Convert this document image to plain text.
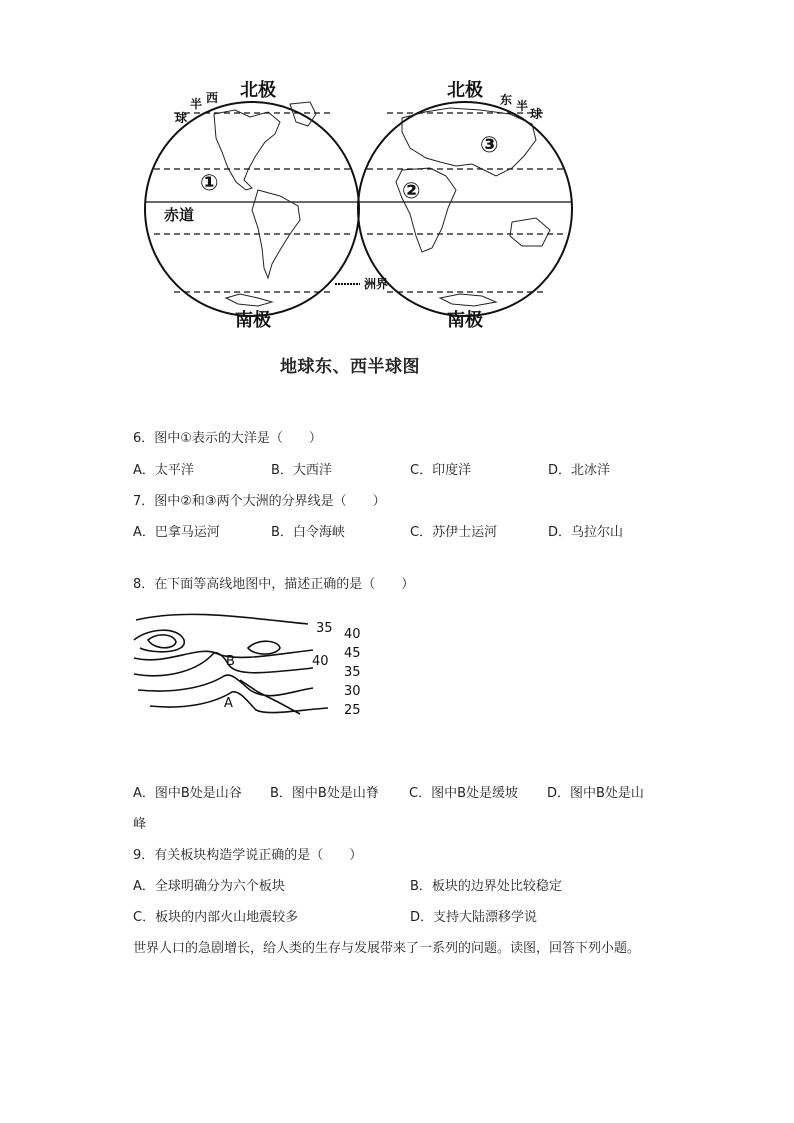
北极	北极
南极	南极
西
半
球
东 半
球
赤道
洲界
①	②
③
地球东、西半球图
6．图中①表示的大洋是（　　）
A．太平洋	B．大西洋	C．印度洋	D．北冰洋
7．图中②和③两个大洲的分界线是（　　）
A．巴拿马运河	B．白令海峡	C．苏伊士运河	D．乌拉尔山
8．在下面等高线地图中，描述正确的是（　　）
35 40
45
35
30
25
40
B
A
A．图中B处是山谷 B．图中B处是山脊 C．图中B处是缓坡 D．图中B处是山
峰
9．有关板块构造学说正确的是（　　）
A．全球明确分为六个板块	B．板块的边界处比较稳定
C．板块的内部火山地震较多	D．支持大陆漂移学说
世界人口的急剧增长，给人类的生存与发展带来了一系列的问题。读图，回答下列小题。
